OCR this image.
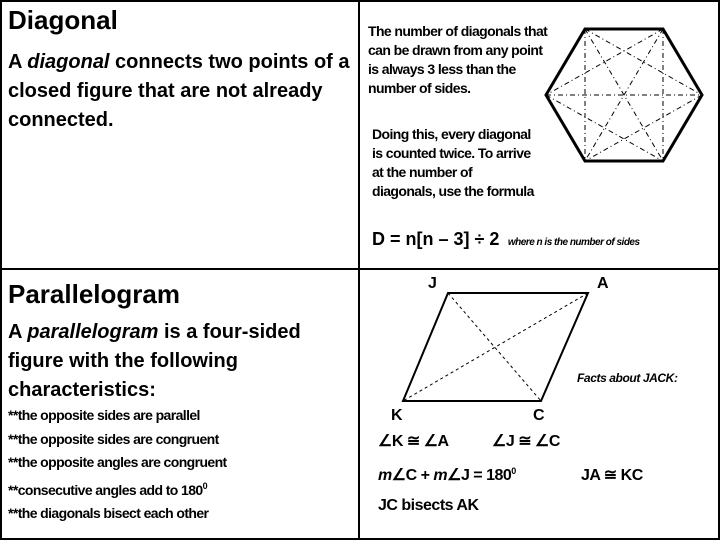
Diagonal
A diagonal connects two points of a closed figure that are not already connected.
The number of diagonals that can be drawn from any point is always 3 less than the number of sides.
Doing this, every diagonal is counted twice. To arrive at the number of diagonals, use the formula
D = n[n – 3] ÷ 2 where n is the number of sides
Parallelogram
A parallelogram is a four-sided figure with the following characteristics:
**the opposite sides are parallel
**the opposite sides are congruent
**the opposite angles are congruent
**consecutive angles add to $180^0$
**the diagonals bisect each other
J	A
K	C
Facts about JACK:
∠K ≅ ∠A	∠J ≅ ∠C
m∠C + m∠J = $180^0$	JA ≅ KC
JC bisects AK
